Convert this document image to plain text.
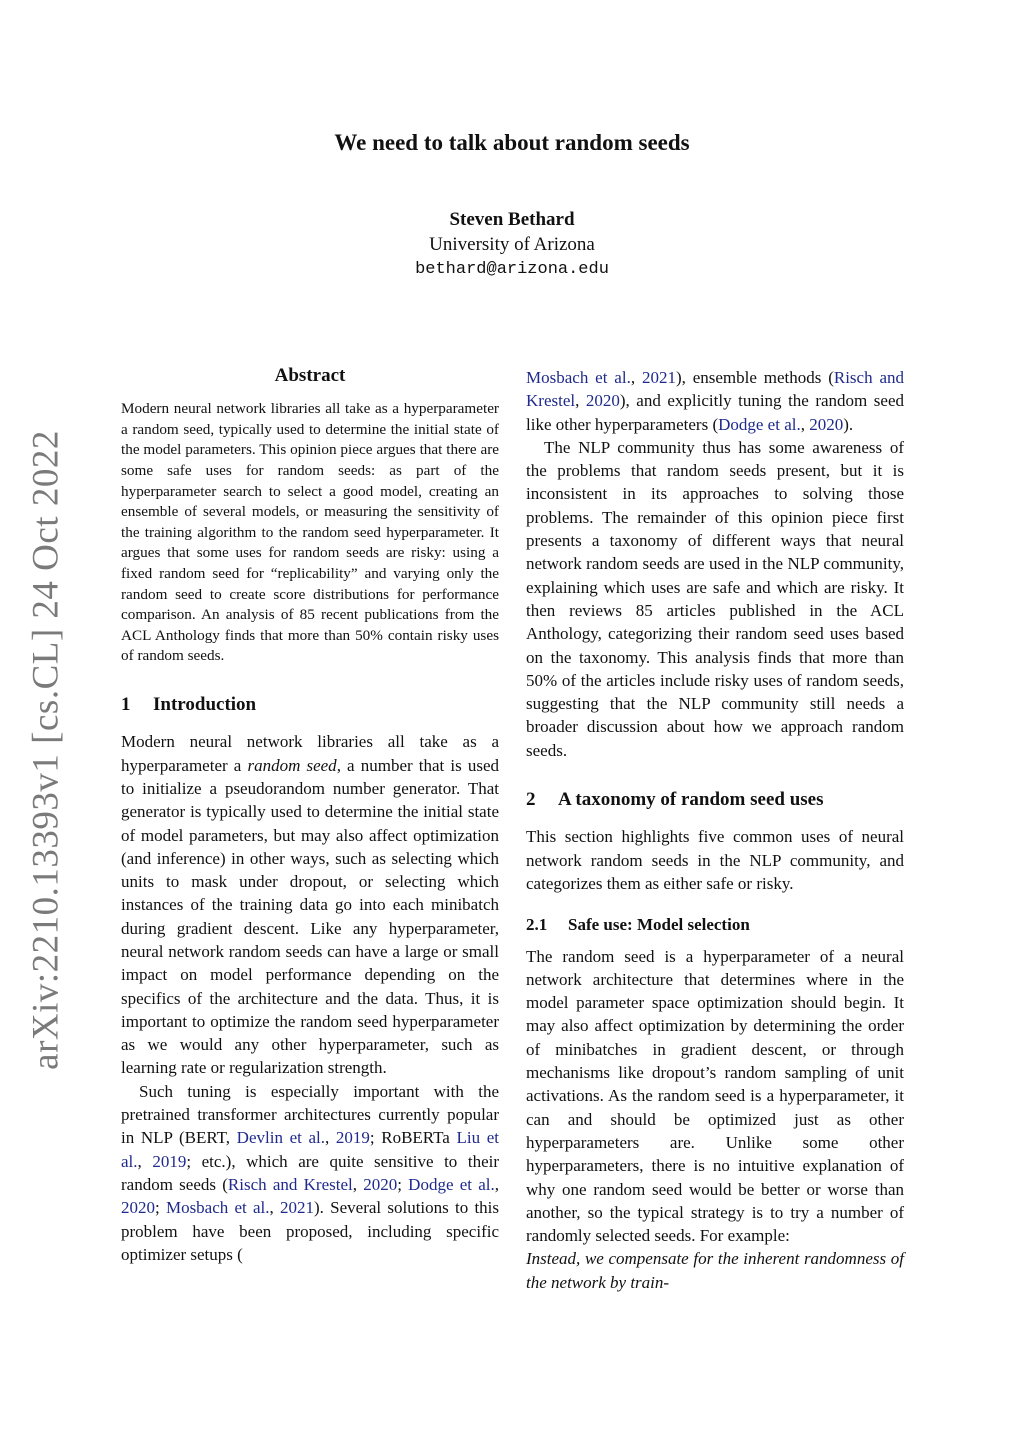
arXiv:2210.13393v1 [cs.CL] 24 Oct 2022
We need to talk about random seeds
Steven Bethard
University of Arizona
bethard@arizona.edu
Abstract

Modern neural network libraries all take as a hyperparameter a random seed, typically used to determine the initial state of the model parameters. This opinion piece argues that there are some safe uses for random seeds: as part of the hyperparameter search to select a good model, creating an ensemble of several models, or measuring the sensitivity of the training algorithm to the random seed hyperparameter. It argues that some uses for random seeds are risky: using a fixed random seed for “replicability” and varying only the random seed to create score distributions for performance comparison. An analysis of 85 recent publications from the ACL Anthology finds that more than 50% contain risky uses of random seeds.

1 Introduction

Modern neural network libraries all take as a hyperparameter a random seed, a number that is used to initialize a pseudorandom number generator. That generator is typically used to determine the initial state of model parameters, but may also affect optimization (and inference) in other ways, such as selecting which units to mask under dropout, or selecting which instances of the training data go into each minibatch during gradient descent. Like any hyperparameter, neural network random seeds can have a large or small impact on model performance depending on the specifics of the architecture and the data. Thus, it is important to optimize the random seed hyperparameter as we would any other hyperparameter, such as learning rate or regularization strength.

Such tuning is especially important with the pretrained transformer architectures currently popular in NLP (BERT, Devlin et al., 2019; RoBERTa Liu et al., 2019; etc.), which are quite sensitive to their random seeds (Risch and Krestel, 2020; Dodge et al., 2020; Mosbach et al., 2021). Several solutions to this problem have been proposed, including specific optimizer setups (

Mosbach et al., 2021), ensemble methods (Risch and Krestel, 2020), and explicitly tuning the random seed like other hyperparameters (Dodge et al., 2020).

The NLP community thus has some awareness of the problems that random seeds present, but it is inconsistent in its approaches to solving those problems. The remainder of this opinion piece first presents a taxonomy of different ways that neural network random seeds are used in the NLP community, explaining which uses are safe and which are risky. It then reviews 85 articles published in the ACL Anthology, categorizing their random seed uses based on the taxonomy. This analysis finds that more than 50% of the articles include risky uses of random seeds, suggesting that the NLP community still needs a broader discussion about how we approach random seeds.

2 A taxonomy of random seed uses

This section highlights five common uses of neural network random seeds in the NLP community, and categorizes them as either safe or risky.

2.1 Safe use: Model selection

The random seed is a hyperparameter of a neural network architecture that determines where in the model parameter space optimization should begin. It may also affect optimization by determining the order of minibatches in gradient descent, or through mechanisms like dropout’s random sampling of unit activations. As the random seed is a hyperparameter, it can and should be optimized just as other hyperparameters are. Unlike some other hyperparameters, there is no intuitive explanation of why one random seed would be better or worse than another, so the typical strategy is to try a number of randomly selected seeds. For example:

Instead, we compensate for the inherent randomness of the network by train-
